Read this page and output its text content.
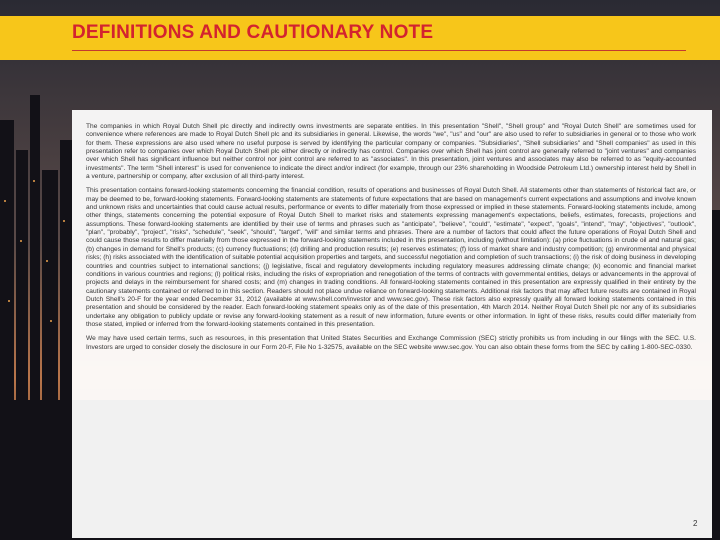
DEFINITIONS AND CAUTIONARY NOTE

The companies in which Royal Dutch Shell plc directly and indirectly owns investments are separate entities. In this presentation "Shell", "Shell group" and "Royal Dutch Shell" are sometimes used for convenience where references are made to Royal Dutch Shell plc and its subsidiaries in general. Likewise, the words "we", "us" and "our" are also used to refer to subsidiaries in general or to those who work for them. These expressions are also used where no useful purpose is served by identifying the particular company or companies. "Subsidiaries", "Shell subsidiaries" and "Shell companies" as used in this presentation refer to companies over which Royal Dutch Shell plc either directly or indirectly has control. Companies over which Shell has joint control are generally referred to "joint ventures" and companies over which Shell has significant influence but neither control nor joint control are referred to as "associates". In this presentation, joint ventures and associates may also be referred to as "equity-accounted investments". The term "Shell interest" is used for convenience to indicate the direct and/or indirect (for example, through our 23% shareholding in Woodside Petroleum Ltd.) ownership interest held by Shell in a venture, partnership or company, after exclusion of all third-party interest.

This presentation contains forward-looking statements concerning the financial condition, results of operations and businesses of Royal Dutch Shell. All statements other than statements of historical fact are, or may be deemed to be, forward-looking statements. Forward-looking statements are statements of future expectations that are based on management's current expectations and assumptions and involve known and unknown risks and uncertainties that could cause actual results, performance or events to differ materially from those expressed or implied in these statements. Forward-looking statements include, among other things, statements concerning the potential exposure of Royal Dutch Shell to market risks and statements expressing management's expectations, beliefs, estimates, forecasts, projections and assumptions. These forward-looking statements are identified by their use of terms and phrases such as "anticipate", "believe", "could", "estimate", "expect", "goals", "intend", "may", "objectives", "outlook", "plan", "probably", "project", "risks", "schedule", "seek", "should", "target", "will" and similar terms and phrases. There are a number of factors that could affect the future operations of Royal Dutch Shell and could cause those results to differ materially from those expressed in the forward-looking statements included in this presentation, including (without limitation): (a) price fluctuations in crude oil and natural gas; (b) changes in demand for Shell's products; (c) currency fluctuations; (d) drilling and production results; (e) reserves estimates; (f) loss of market share and industry competition; (g) environmental and physical risks; (h) risks associated with the identification of suitable potential acquisition properties and targets, and successful negotiation and completion of such transactions; (i) the risk of doing business in developing countries and countries subject to international sanctions; (j) legislative, fiscal and regulatory developments including regulatory measures addressing climate change; (k) economic and financial market conditions in various countries and regions; (l) political risks, including the risks of expropriation and renegotiation of the terms of contracts with governmental entities, delays or advancements in the approval of projects and delays in the reimbursement for shared costs; and (m) changes in trading conditions. All forward-looking statements contained in this presentation are expressly qualified in their entirety by the cautionary statements contained or referred to in this section. Readers should not place undue reliance on forward-looking statements. Additional risk factors that may affect future results are contained in Royal Dutch Shell's 20-F for the year ended December 31, 2012 (available at www.shell.com/investor and www.sec.gov). These risk factors also expressly qualify all forward looking statements contained in this presentation and should be considered by the reader. Each forward-looking statement speaks only as of the date of this presentation, 4th March 2014. Neither Royal Dutch Shell plc nor any of its subsidiaries undertake any obligation to publicly update or revise any forward-looking statement as a result of new information, future events or other information. In light of these risks, results could differ materially from those stated, implied or inferred from the forward-looking statements contained in this presentation.

We may have used certain terms, such as resources, in this presentation that United States Securities and Exchange Commission (SEC) strictly prohibits us from including in our filings with the SEC. U.S. Investors are urged to consider closely the disclosure in our Form 20-F, File No 1-32575, available on the SEC website www.sec.gov. You can also obtain these forms from the SEC by calling 1-800-SEC-0330.

2
